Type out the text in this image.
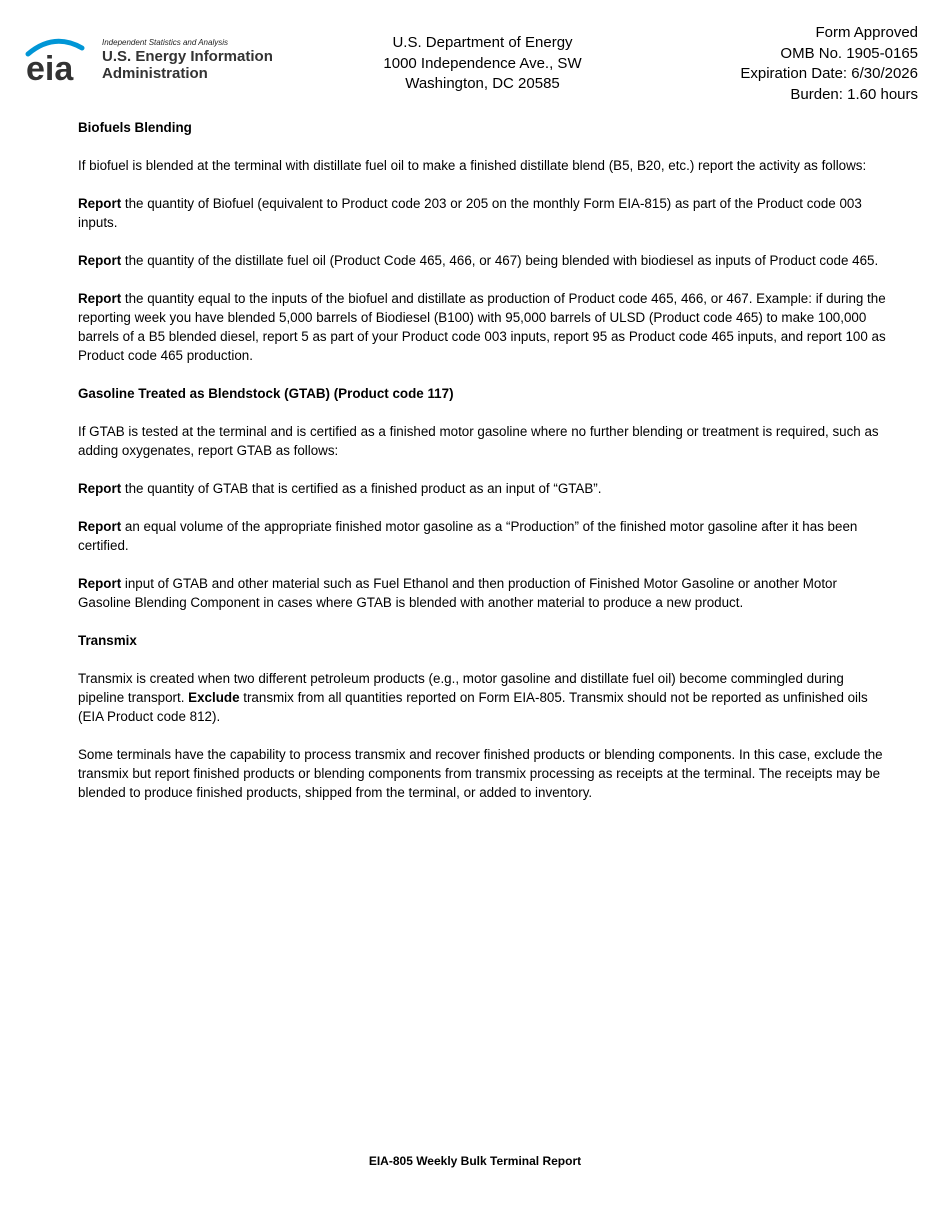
eia
Independent Statistics and Analysis
U.S. Energy Information
Administration
U.S. Department of Energy
1000 Independence Ave., SW
Washington, DC 20585
Form Approved
OMB No. 1905-0165
Expiration Date: 6/30/2026
Burden: 1.60 hours
Biofuels Blending

If biofuel is blended at the terminal with distillate fuel oil to make a finished distillate blend (B5, B20, etc.) report the activity as follows:

Report the quantity of Biofuel (equivalent to Product code 203 or 205 on the monthly Form EIA-815) as part of the Product code 003 inputs.

Report the quantity of the distillate fuel oil (Product Code 465, 466, or 467) being blended with biodiesel as inputs of Product code 465.

Report the quantity equal to the inputs of the biofuel and distillate as production of Product code 465, 466, or 467. Example: if during the reporting week you have blended 5,000 barrels of Biodiesel (B100) with 95,000 barrels of ULSD (Product code 465) to make 100,000 barrels of a B5 blended diesel, report 5 as part of your Product code 003 inputs, report 95 as Product code 465 inputs, and report 100 as Product code 465 production.

Gasoline Treated as Blendstock (GTAB) (Product code 117)

If GTAB is tested at the terminal and is certified as a finished motor gasoline where no further blending or treatment is required, such as adding oxygenates, report GTAB as follows:

Report the quantity of GTAB that is certified as a finished product as an input of “GTAB”.

Report an equal volume of the appropriate finished motor gasoline as a “Production” of the finished motor gasoline after it has been certified.

Report input of GTAB and other material such as Fuel Ethanol and then production of Finished Motor Gasoline or another Motor Gasoline Blending Component in cases where GTAB is blended with another material to produce a new product.

Transmix

Transmix is created when two different petroleum products (e.g., motor gasoline and distillate fuel oil) become commingled during pipeline transport. Exclude transmix from all quantities reported on Form EIA-805. Transmix should not be reported as unfinished oils (EIA Product code 812).

Some terminals have the capability to process transmix and recover finished products or blending components. In this case, exclude the transmix but report finished products or blending components from transmix processing as receipts at the terminal. The receipts may be blended to produce finished products, shipped from the terminal, or added to inventory.

EIA-805 Weekly Bulk Terminal Report
